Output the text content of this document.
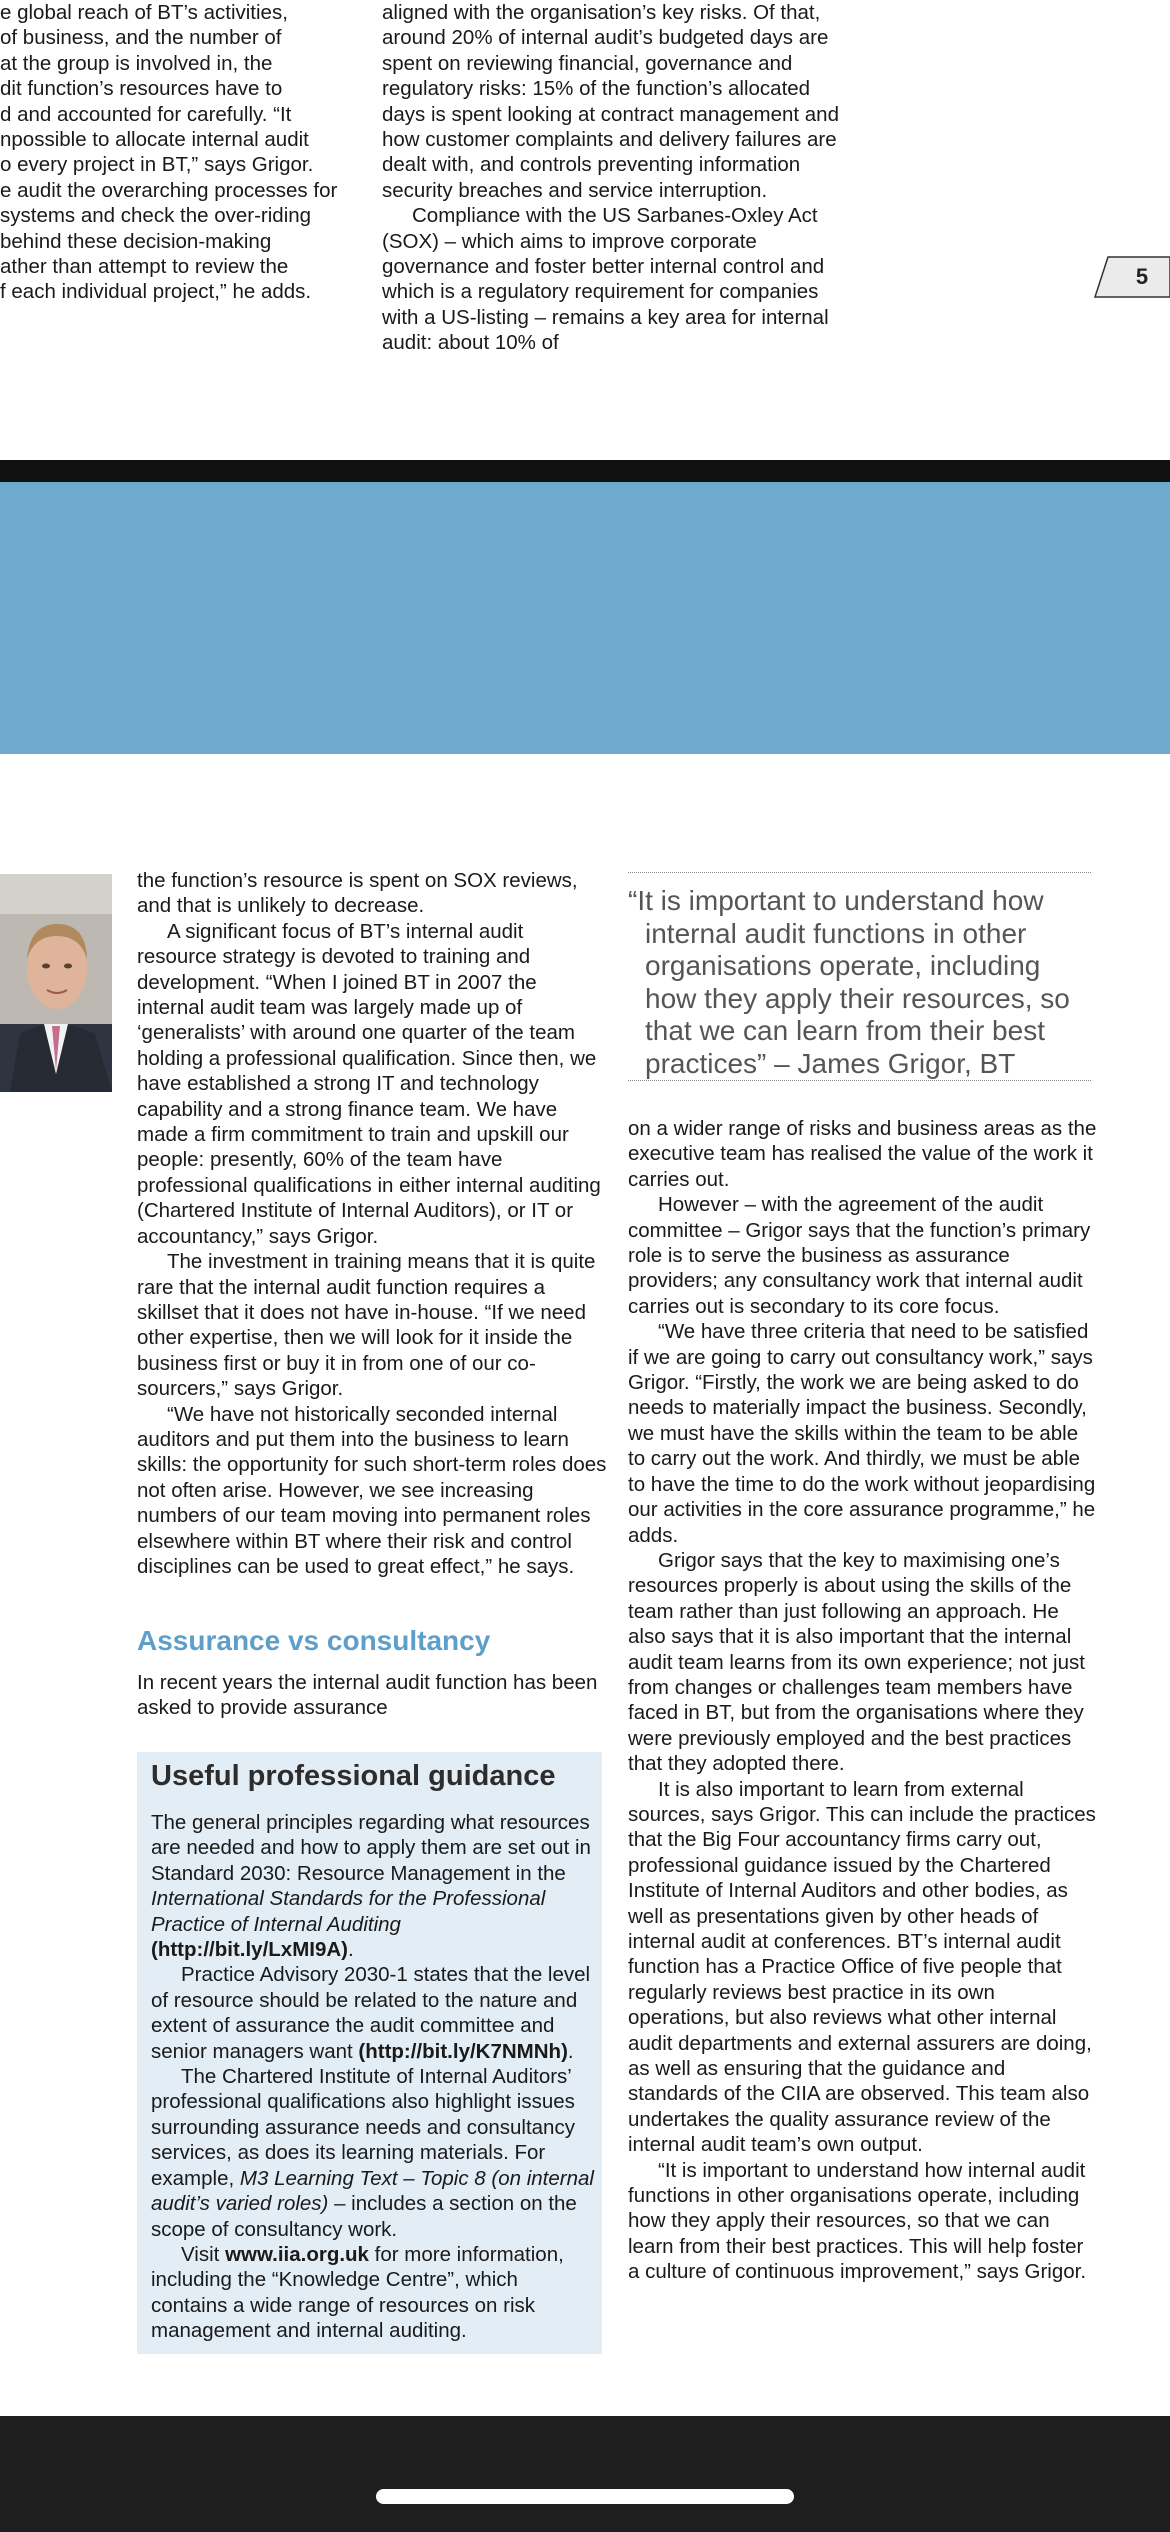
e global reach of BT’s activities,
of business, and the number of
at the group is involved in, the
dit function’s resources have to
d and accounted for carefully. “It
npossible to allocate internal audit
o every project in BT,” says Grigor.
e audit the overarching processes for
systems and check the over-riding
behind these decision-making
ather than attempt to review the
f each individual project,” he adds.

aligned with the organisation’s key risks. Of that, around 20% of internal audit’s budgeted days are spent on reviewing financial, governance and regulatory risks: 15% of the function’s allocated days is spent looking at contract management and how customer complaints and delivery failures are dealt with, and controls preventing information security breaches and service interruption.

Compliance with the US Sarbanes-Oxley Act (SOX) – which aims to improve corporate governance and foster better internal control and which is a regulatory requirement for companies with a US-listing – remains a key area for internal audit: about 10% of

5

the function’s resource is spent on SOX reviews, and that is unlikely to decrease.

A significant focus of BT’s internal audit resource strategy is devoted to training and development. “When I joined BT in 2007 the internal audit team was largely made up of ‘generalists’ with around one quarter of the team holding a professional qualification. Since then, we have established a strong IT and technology capability and a strong finance team. We have made a firm commitment to train and upskill our people: presently, 60% of the team have professional qualifications in either internal auditing (Chartered Institute of Internal Auditors), or IT or accountancy,” says Grigor.

The investment in training means that it is quite rare that the internal audit function requires a skillset that it does not have in-house. “If we need other expertise, then we will look for it inside the business first or buy it in from one of our co-sourcers,” says Grigor.

“We have not historically seconded internal auditors and put them into the business to learn skills: the opportunity for such short-term roles does not often arise. However, we see increasing numbers of our team moving into permanent roles elsewhere within BT where their risk and control disciplines can be used to great effect,” he says.

Assurance vs consultancy
In recent years the internal audit function has been asked to provide assurance
Useful professional guidance

The general principles regarding what resources are needed and how to apply them are set out in Standard 2030: Resource Management in the International Standards for the Professional Practice of Internal Auditing (http://bit.ly/LxMI9A).

Practice Advisory 2030-1 states that the level of resource should be related to the nature and extent of assurance the audit committee and senior managers want (http://bit.ly/K7NMNh).

The Chartered Institute of Internal Auditors’ professional qualifications also highlight issues surrounding assurance needs and consultancy services, as does its learning materials. For example, M3 Learning Text – Topic 8 (on internal audit’s varied roles) – includes a section on the scope of consultancy work.

Visit www.iia.org.uk for more information, including the “Knowledge Centre”, which contains a wide range of resources on risk management and internal auditing.

“It is important to understand how internal audit functions in other organisations operate, including how they apply their resources, so that we can learn from their best practices” – James Grigor, BT

on a wider range of risks and business areas as the executive team has realised the value of the work it carries out.

However – with the agreement of the audit committee – Grigor says that the function’s primary role is to serve the business as assurance providers; any consultancy work that internal audit carries out is secondary to its core focus.

“We have three criteria that need to be satisfied if we are going to carry out consultancy work,” says Grigor. “Firstly, the work we are being asked to do needs to materially impact the business. Secondly, we must have the skills within the team to be able to carry out the work. And thirdly, we must be able to have the time to do the work without jeopardising our activities in the core assurance programme,” he adds.

Grigor says that the key to maximising one’s resources properly is about using the skills of the team rather than just following an approach. He also says that it is also important that the internal audit team learns from its own experience; not just from changes or challenges team members have faced in BT, but from the organisations where they were previously employed and the best practices that they adopted there.

It is also important to learn from external sources, says Grigor. This can include the practices that the Big Four accountancy firms carry out, professional guidance issued by the Chartered Institute of Internal Auditors and other bodies, as well as presentations given by other heads of internal audit at conferences. BT’s internal audit function has a Practice Office of five people that regularly reviews best practice in its own operations, but also reviews what other internal audit departments and external assurers are doing, as well as ensuring that the guidance and standards of the CIIA are observed. This team also undertakes the quality assurance review of the internal audit team’s own output.

“It is important to understand how internal audit functions in other organisations operate, including how they apply their resources, so that we can learn from their best practices. This will help foster a culture of continuous improvement,” says Grigor.
